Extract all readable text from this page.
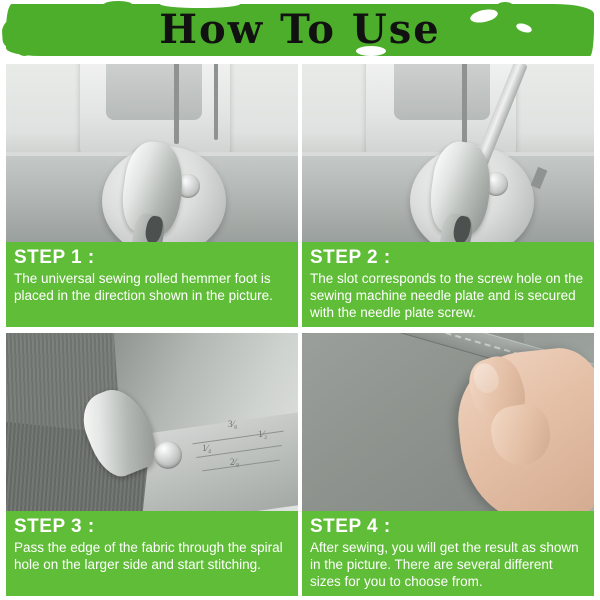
How To Use
STEP 1 :
The universal sewing rolled hemmer foot is placed in the direction shown in the picture.
STEP 2 :
The slot corresponds to the screw hole on the sewing machine needle plate and is secured with the needle plate screw.
3⁄₈
1⁄₄
2⁄₈
1⁄₂
STEP 3 :
Pass the edge of the fabric through the spiral hole on the larger side and start stitching.
STEP 4 :
After sewing, you will get the result as shown in the picture. There are several different sizes for you to choose from.
